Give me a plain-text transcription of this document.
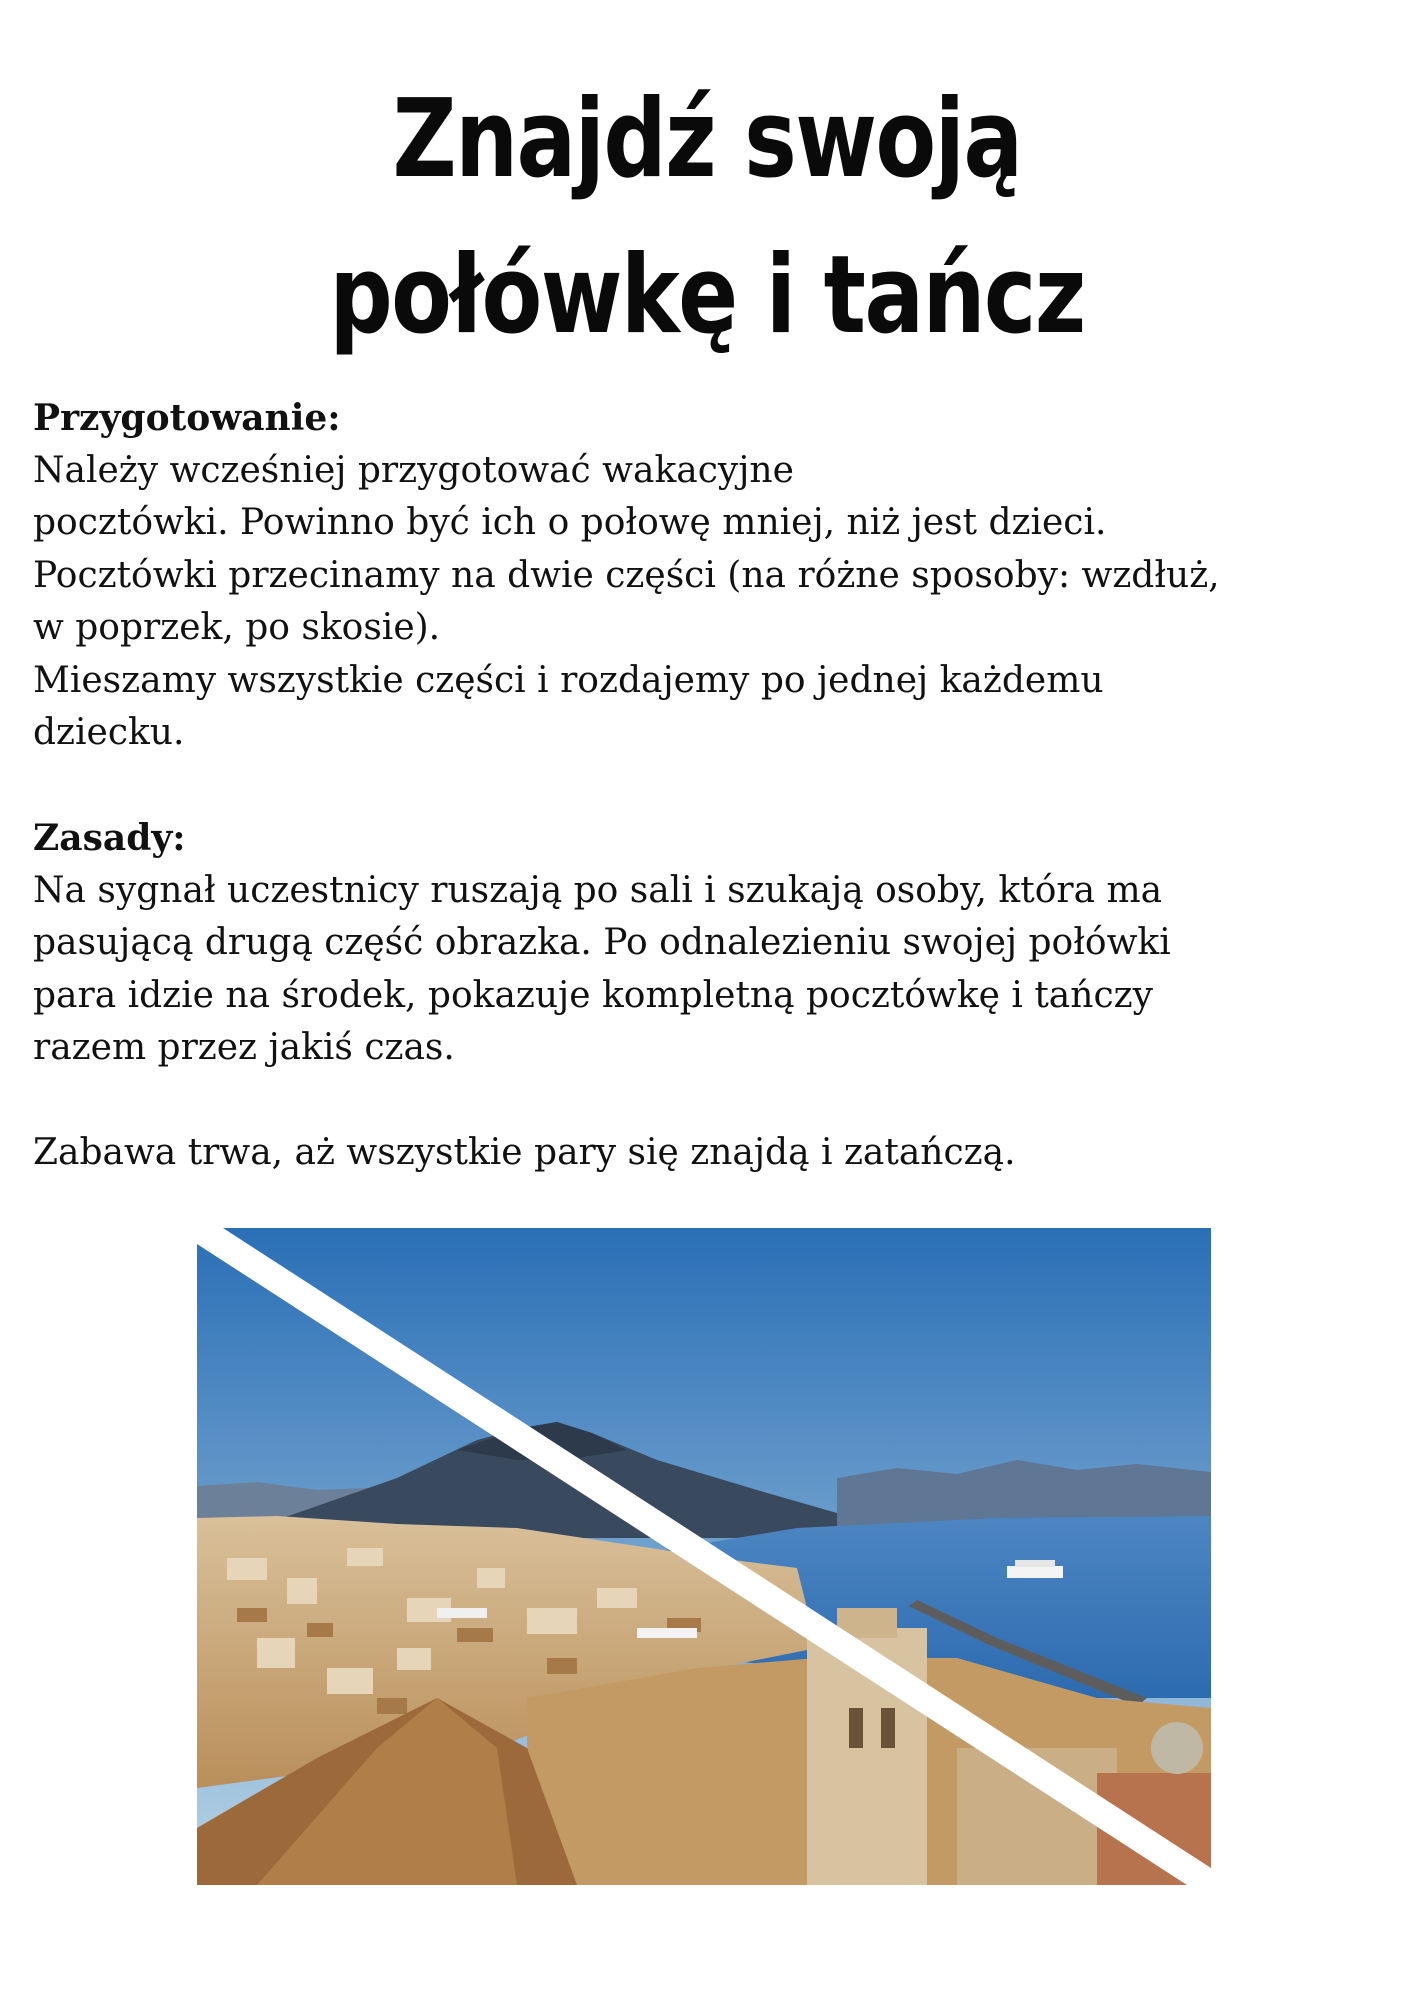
Znajdź swoją
połówkę i tańcz

Przygotowanie:

Należy wcześniej przygotować wakacyjne

pocztówki. Powinno być ich o połowę mniej, niż jest dzieci.

Pocztówki przecinamy na dwie części (na różne sposoby: wzdłuż,

w poprzek, po skosie).

Mieszamy wszystkie części i rozdajemy po jednej każdemu

dziecku.

Zasady:

Na sygnał uczestnicy ruszają po sali i szukają osoby, która ma

pasującą drugą część obrazka. Po odnalezieniu swojej połówki

para idzie na środek, pokazuje kompletną pocztówkę i tańczy

razem przez jakiś czas.

Zabawa trwa, aż wszystkie pary się znajdą i zatańczą.
